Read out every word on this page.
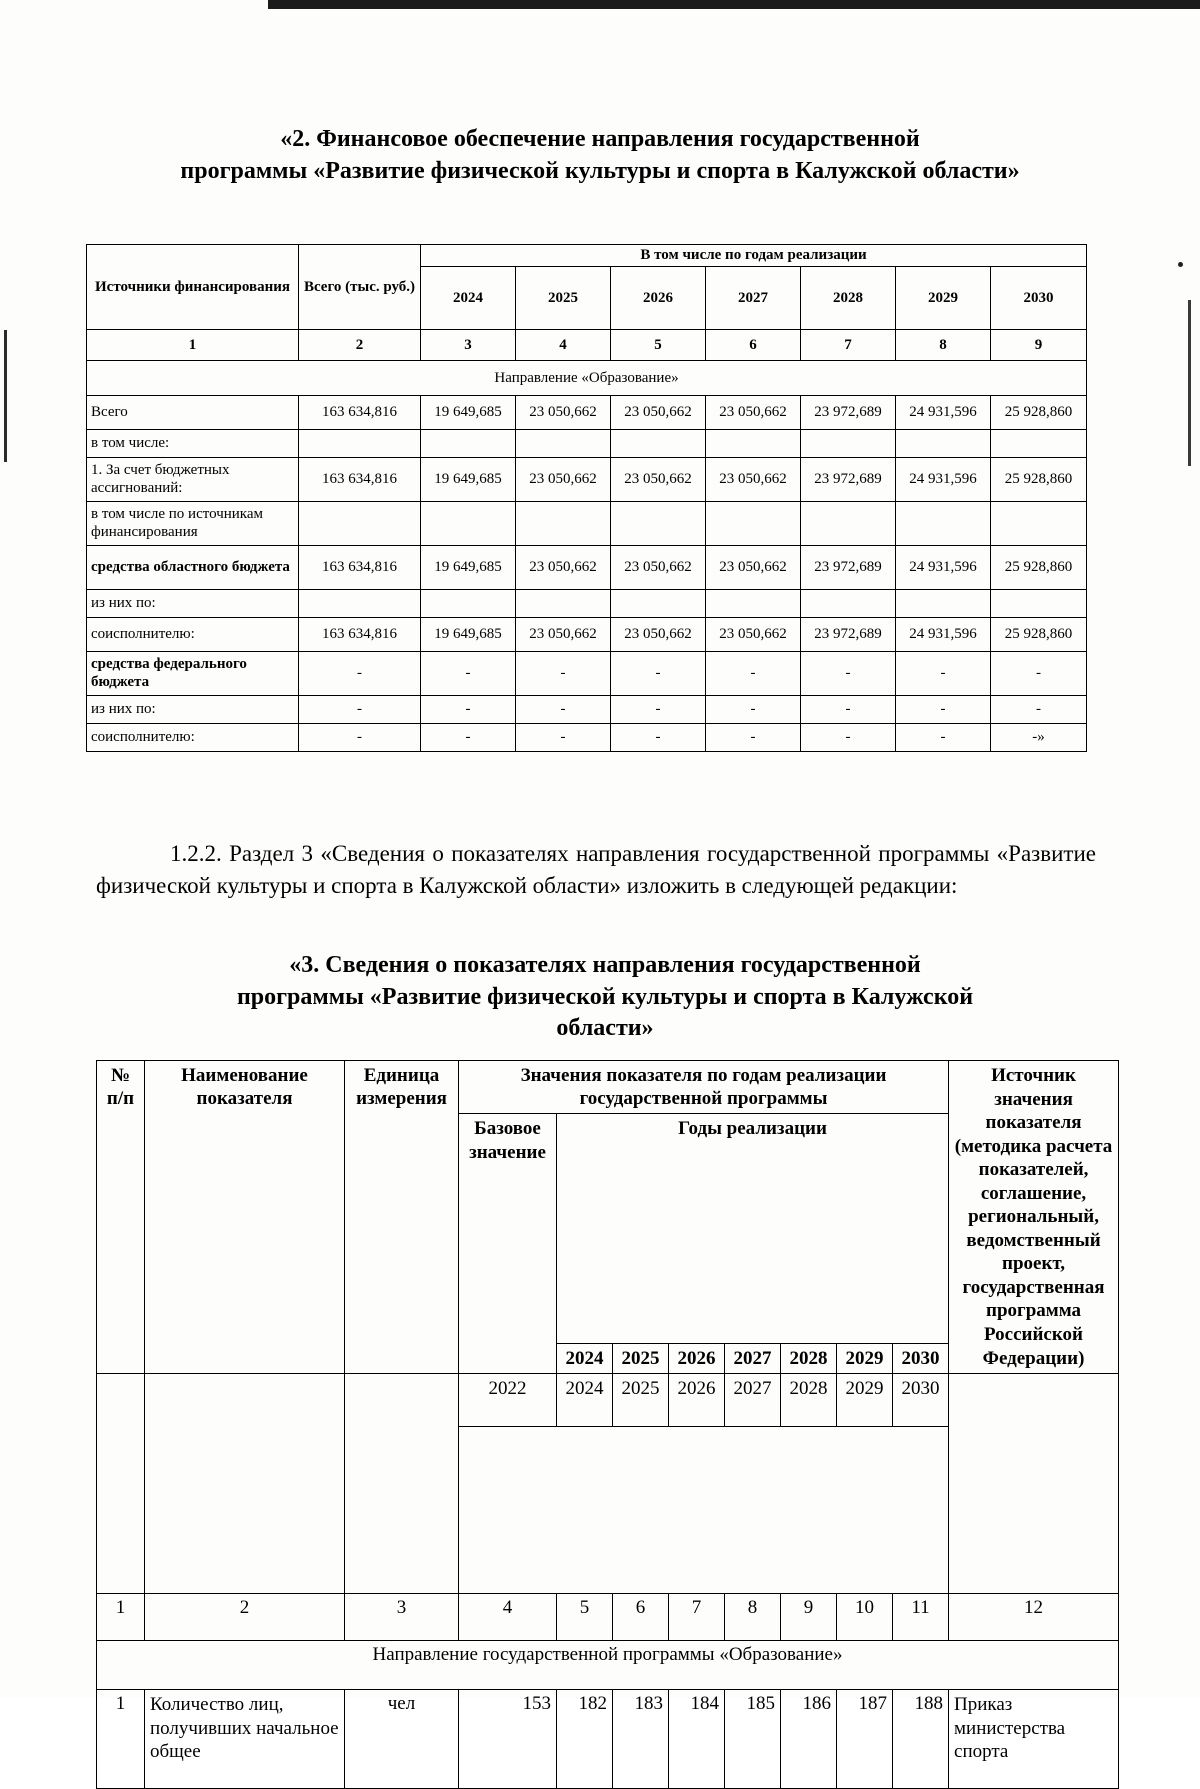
«2. Финансовое обеспечение направления государственной
программы «Развитие физической культуры и спорта в Калужской области»
Источники финансирования	Всего (тыс. руб.)	В том числе по годам реализации						
		2024	2025	2026	2027	2028	2029	2030
1	2	3	4	5	6	7	8	9
Направление «Образование»								
Всего	163 634,816	19 649,685	23 050,662	23 050,662	23 050,662	23 972,689	24 931,596	25 928,860
в том числе:								
1. За счет бюджетных ассигнований:	163 634,816	19 649,685	23 050,662	23 050,662	23 050,662	23 972,689	24 931,596	25 928,860
в том числе по источникам финансирования								
средства областного бюджета	163 634,816	19 649,685	23 050,662	23 050,662	23 050,662	23 972,689	24 931,596	25 928,860
из них по:								
соисполнителю:	163 634,816	19 649,685	23 050,662	23 050,662	23 050,662	23 972,689	24 931,596	25 928,860
средства федерального бюджета	-	-	-	-	-	-	-	-
из них по:	-	-	-	-	-	-	-	-
соисполнителю:	-	-	-	-	-	-	-	-»
1.2.2. Раздел 3 «Сведения о показателях направления государственной программы «Развитие физической культуры и спорта в Калужской области» изложить в следующей редакции:
«3. Сведения о показателях направления государственной
программы «Развитие физической культуры и спорта в Калужской
области»
№ п/п	Наименование показателя	Единица измерения	Значения показателя по годам реализации государственной программы								Источник значения показателя (методика расчета показателей, соглашение, региональный, ведомственный проект, государственная программа Российской Федерации)
			Базовое значение	Годы реализации							
				2024	2025	2026	2027	2028	2029	2030	
			2022	2024	2025	2026	2027	2028	2029	2030	

1	2	3	4	5	6	7	8	9	10	11	12
Направление государственной программы «Образование»											
1	Количество лиц, получивших начальное общее	чел	153	182	183	184	185	186	187	188	Приказ министерства спорта
